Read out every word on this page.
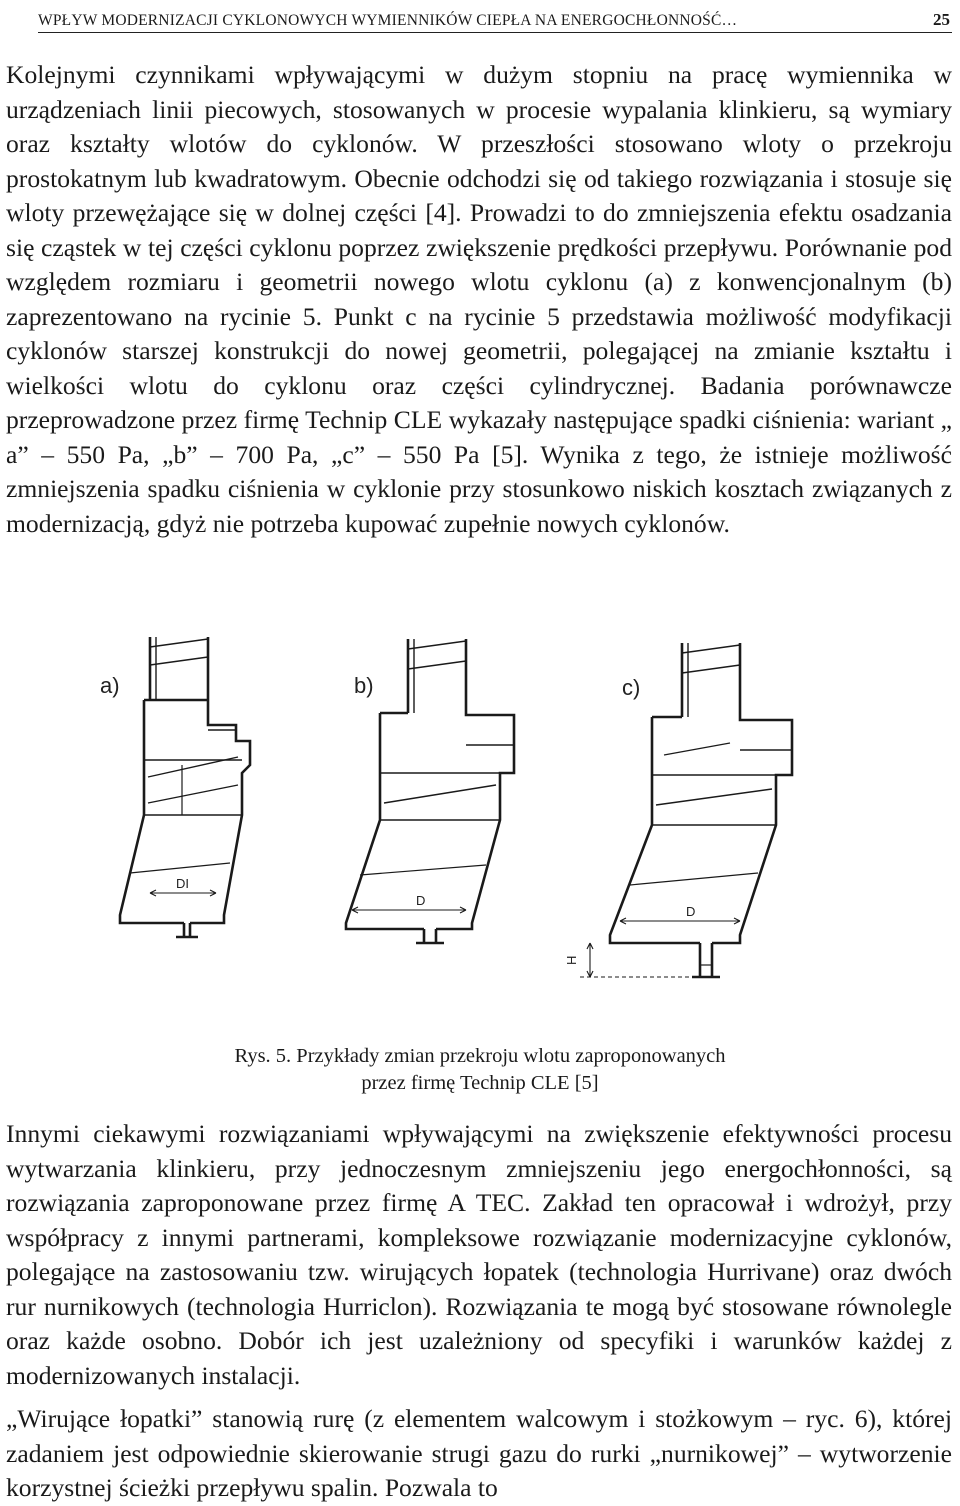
WPŁYW MODERNIZACJI CYKLONOWYCH WYMIENNIKÓW CIEPŁA NA ENERGOCHŁONNOŚĆ…	25

Kolejnymi czynnikami wpływającymi w dużym stopniu na pracę wymiennika w urządzeniach linii piecowych, stosowanych w procesie wypalania klinkieru, są wymiary oraz kształty wlotów do cyklonów. W przeszłości stosowano wloty o przekroju prostokatnym lub kwadratowym. Obecnie odchodzi się od takiego rozwiązania i stosuje się wloty przewężające się w dolnej części [4]. Prowadzi to do zmniejszenia efektu osadzania się cząstek w tej części cyklonu poprzez zwiększenie prędkości przepływu. Porównanie pod względem rozmiaru i geometrii nowego wlotu cyklonu (a) z konwencjonalnym (b) zaprezentowano na rycinie 5. Punkt c na rycinie 5 przedstawia możliwość modyfikacji cyklonów starszej konstrukcji do nowej geometrii, polegającej na zmianie kształtu i wielkości wlotu do cyklonu oraz części cylindrycznej. Badania porównawcze przeprowadzone przez firmę Technip CLE wykazały następujące spadki ciśnienia: wariant „ a” – 550 Pa, „b” – 700 Pa, „c” – 550 Pa [5]. Wynika z tego, że istnieje możliwość zmniejszenia spadku ciśnienia w cyklonie przy stosunkowo niskich kosztach związanych z modernizacją, gdyż nie potrzeba kupować zupełnie nowych cyklonów.

a)	b)	c)
DI
D
D
H
Rys. 5. Przykłady zmian przekroju wlotu zaproponowanych
przez firmę Technip CLE [5]

Innymi ciekawymi rozwiązaniami wpływającymi na zwiększenie efektywności procesu wytwarzania klinkieru, przy jednoczesnym zmniejszeniu jego energochłonności, są rozwiązania zaproponowane przez firmę A TEC. Zakład ten opracował i wdrożył, przy współpracy z innymi partnerami, kompleksowe rozwiązanie modernizacyjne cyklonów, polegające na zastosowaniu tzw. wirujących łopatek (technologia Hurrivane) oraz dwóch rur nurnikowych (technologia Hurriclon). Rozwiązania te mogą być stosowane równolegle oraz każde osobno. Dobór ich jest uzależniony od specyfiki i warunków każdej z modernizowanych instalacji.

„Wirujące łopatki” stanowią rurę (z elementem walcowym i stożkowym – ryc. 6), której zadaniem jest odpowiednie skierowanie strugi gazu do rurki „nurnikowej” – wytworzenie korzystnej ścieżki przepływu spalin. Pozwala to
